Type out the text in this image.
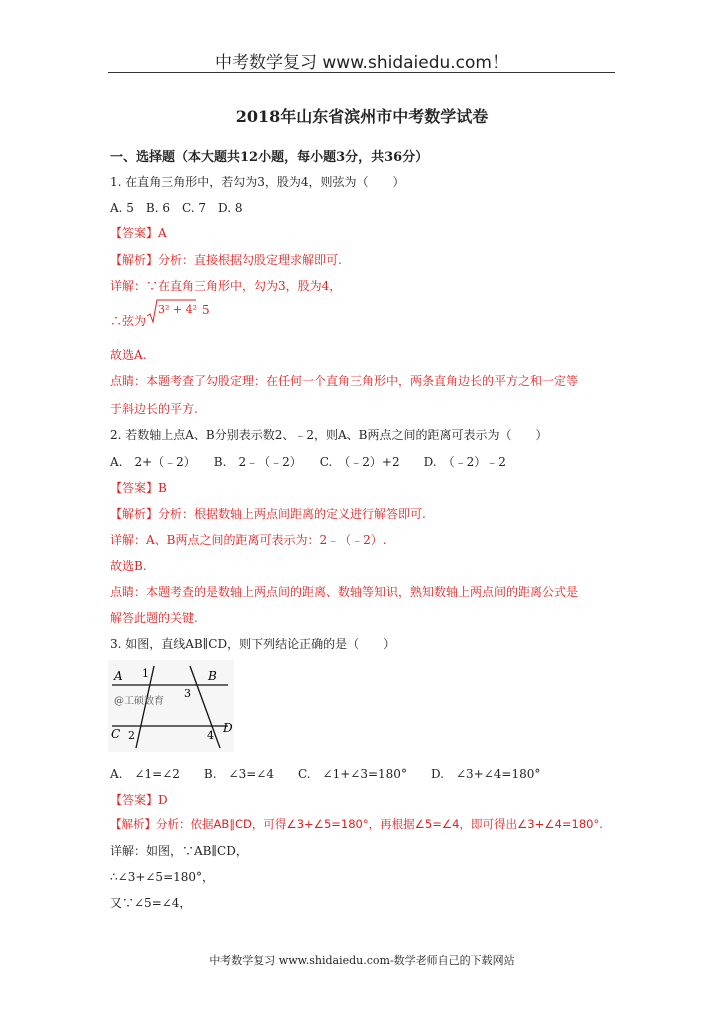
中考数学复习 www.shidaiedu.com！
2018年山东省滨州市中考数学试卷
一、选择题（本大题共12小题，每小题3分，共36分）
1. 在直角三角形中，若勾为3，股为4，则弦为（　　）
A. 5　B. 6　C. 7　D. 8
【答案】A
【解析】分析：直接根据勾股定理求解即可.
详解：∵在直角三角形中，勾为3，股为4，
∴弦为
3² + 4² 5
故选A.
点睛：本题考查了勾股定理：在任何一个直角三角形中，两条直角边长的平方之和一定等
于斜边长的平方.
2. 若数轴上点A、B分别表示数2、﹣2，则A、B两点之间的距离可表示为（　　）
A.　2+（﹣2）　　B.　2﹣（﹣2）　　C.　（﹣2）+2　　D.　（﹣2）﹣2
【答案】B
【解析】分析：根据数轴上两点间距离的定义进行解答即可.
详解：A、B两点之间的距离可表示为：2﹣（﹣2）.
故选B.
点睛：本题考查的是数轴上两点间的距离、数轴等知识，熟知数轴上两点间的距离公式是
解答此题的关键.
3. 如图，直线AB∥CD，则下列结论正确的是（　　）
A	B
C	D
1
2
3
4
@工硕数育
A.　∠1=∠2　　B.　∠3=∠4　　C.　∠1+∠3=180°　　D.　∠3+∠4=180°
【答案】D
【解析】分析：依据AB∥CD，可得∠3+∠5=180°，再根据∠5=∠4，即可得出∠3+∠4=180°.
详解：如图，∵AB∥CD，
∴∠3+∠5=180°，
又∵∠5=∠4，
中考数学复习 www.shidaiedu.com-数学老师自己的下载网站
